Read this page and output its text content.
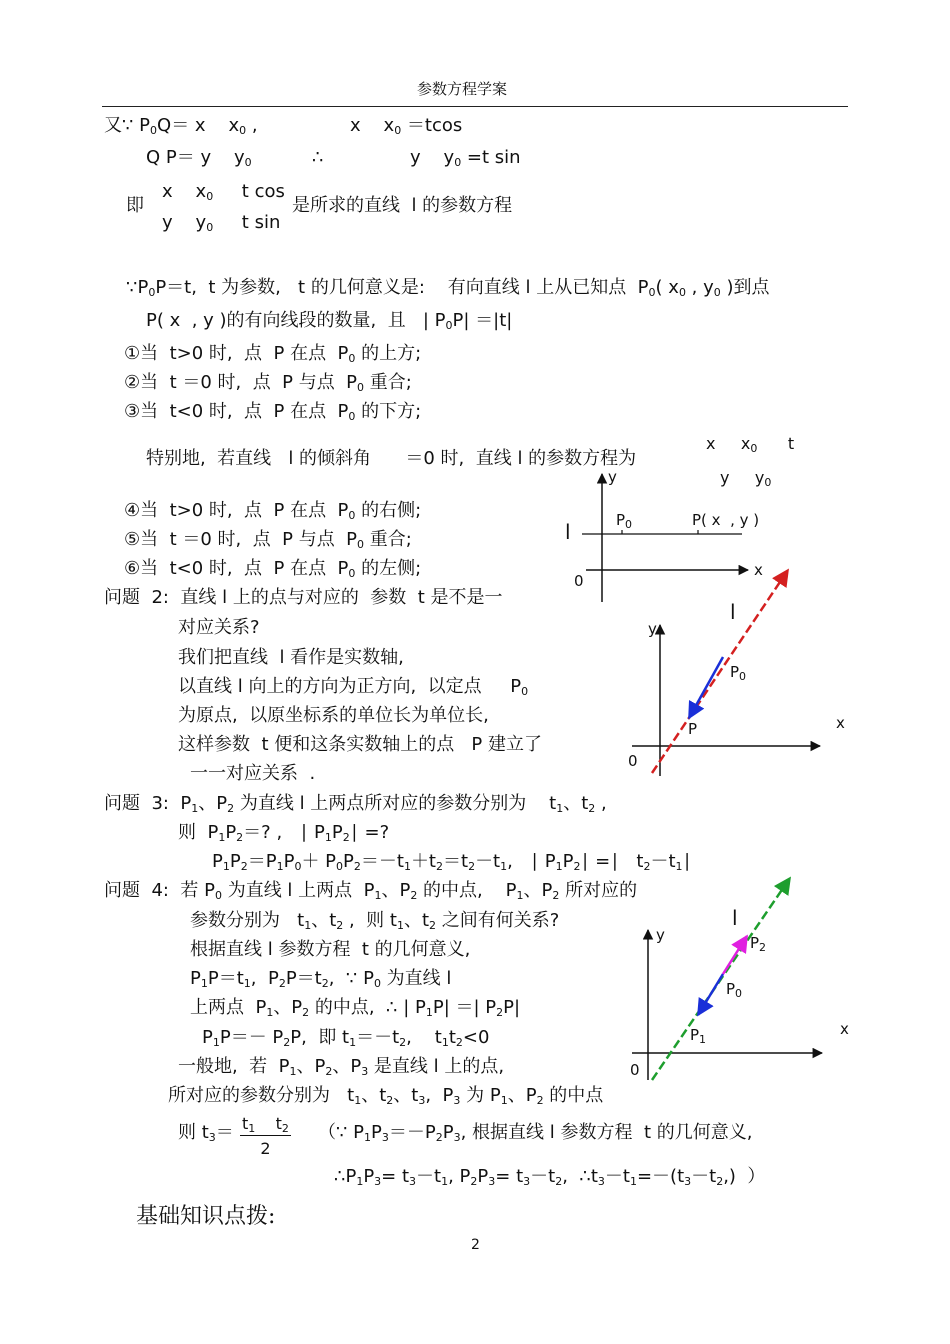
参数方程学案
又∵ $P_0Q= x$    $x_0$ ,	x    $x_0 =tcos$
Q P＝ y    $y_0$	∴	y    $y_0 =t$ sin
即
x    $x_0$     t cos
y    $y_0$     t sin
是所求的直线  l 的参数方程
$\because P_0P=t$,  t 为参数,   t 的几何意义是:    有向直线 l 上从已知点  $P_0$( $x_0$ , $y_0$ )到点
P( x  , y )的有向线段的数量,  且   | $P_0P| =|t|$
①当  t>0 时,  点  P 在点  $P_0$ 的上方;
②当  t ＝0 时,  点  P 与点  $P_0$ 重合;
③当  t<0 时,  点  P 在点  $P_0$ 的下方;
特别地,  若直线   l 的倾斜角      ＝0 时,  直线 l 的参数方程为
x     $x_0$      t
y     $y_0$
④当  t>0 时,  点  P 在点  $P_0$ 的右侧;
⑤当  t ＝0 时,  点  P 与点  $P_0$ 重合;
⑥当  t<0 时,  点  P 在点  $P_0$ 的左侧;
问题  2:  直线 l 上的点与对应的  参数  t 是不是一
对应关系?
我们把直线  l 看作是实数轴,
以直线 l 向上的方向为正方向,  以定点     $P_0$
为原点,  以原坐标系的单位长为单位长,
这样参数  t 便和这条实数轴上的点   P 建立了
一一对应关系  .
问题  3:  $P_1$、$P_2$ 为直线 l 上两点所对应的参数分别为    $t_1$、$t_2$ ,
则  $P_1P_2=$? ,   ∣ $P_1P_2∣$ =?
$P_1P_2=P_1P_0+ P_0P_2=-t_1+t_2=t_2-t_1$,   ∣ $P_1P_2∣$ =∣   $t_2-t_1∣$
问题  4:  若 $P_0$ 为直线 l 上两点  $P_1$、$P_2$ 的中点,    $P_1$、$P_2$ 所对应的
参数分别为   $t_1$、$t_2$ ,  则 $t_1$、$t_2$ 之间有何关系?
根据直线 l 参数方程  t 的几何意义,
$P_1P=t_1$,  $P_2P=t_2$,  ∵ $P_0$ 为直线 l
上两点  $P_1$、$P_2$ 的中点,  ∴ | $P_1P|$ ＝| $P_2P|$
$P_1P=- P_2P$,  即 $t_1=-t_2$,    $t_1t_2<0$
一般地,  若  $P_1$、$P_2$、$P_3$ 是直线 l 上的点,
所对应的参数分别为   $t_1$、$t_2$、$t_3$,  $P_3$ 为 $P_1$、$P_2$ 的中点
则 $t_3= \frac{t_1 t_2}{2}$ （∵ $P_1P_3=-P_2P_3$, 根据直线 l 参数方程  t 的几何意义,
$\therefore P_1P_3= t_3-t_1$, $P_2P_3= t_3-t_2$,  $\therefore t_3-t_1=-(t_3-t_2,)$  ）
基础知识点拨:
2
y
x
0
l	$P_0$	P( x  , y )
y
x
0
l
$P_0$
P
y
x
0
l
$P_2$
$P_0$
$P_1$
